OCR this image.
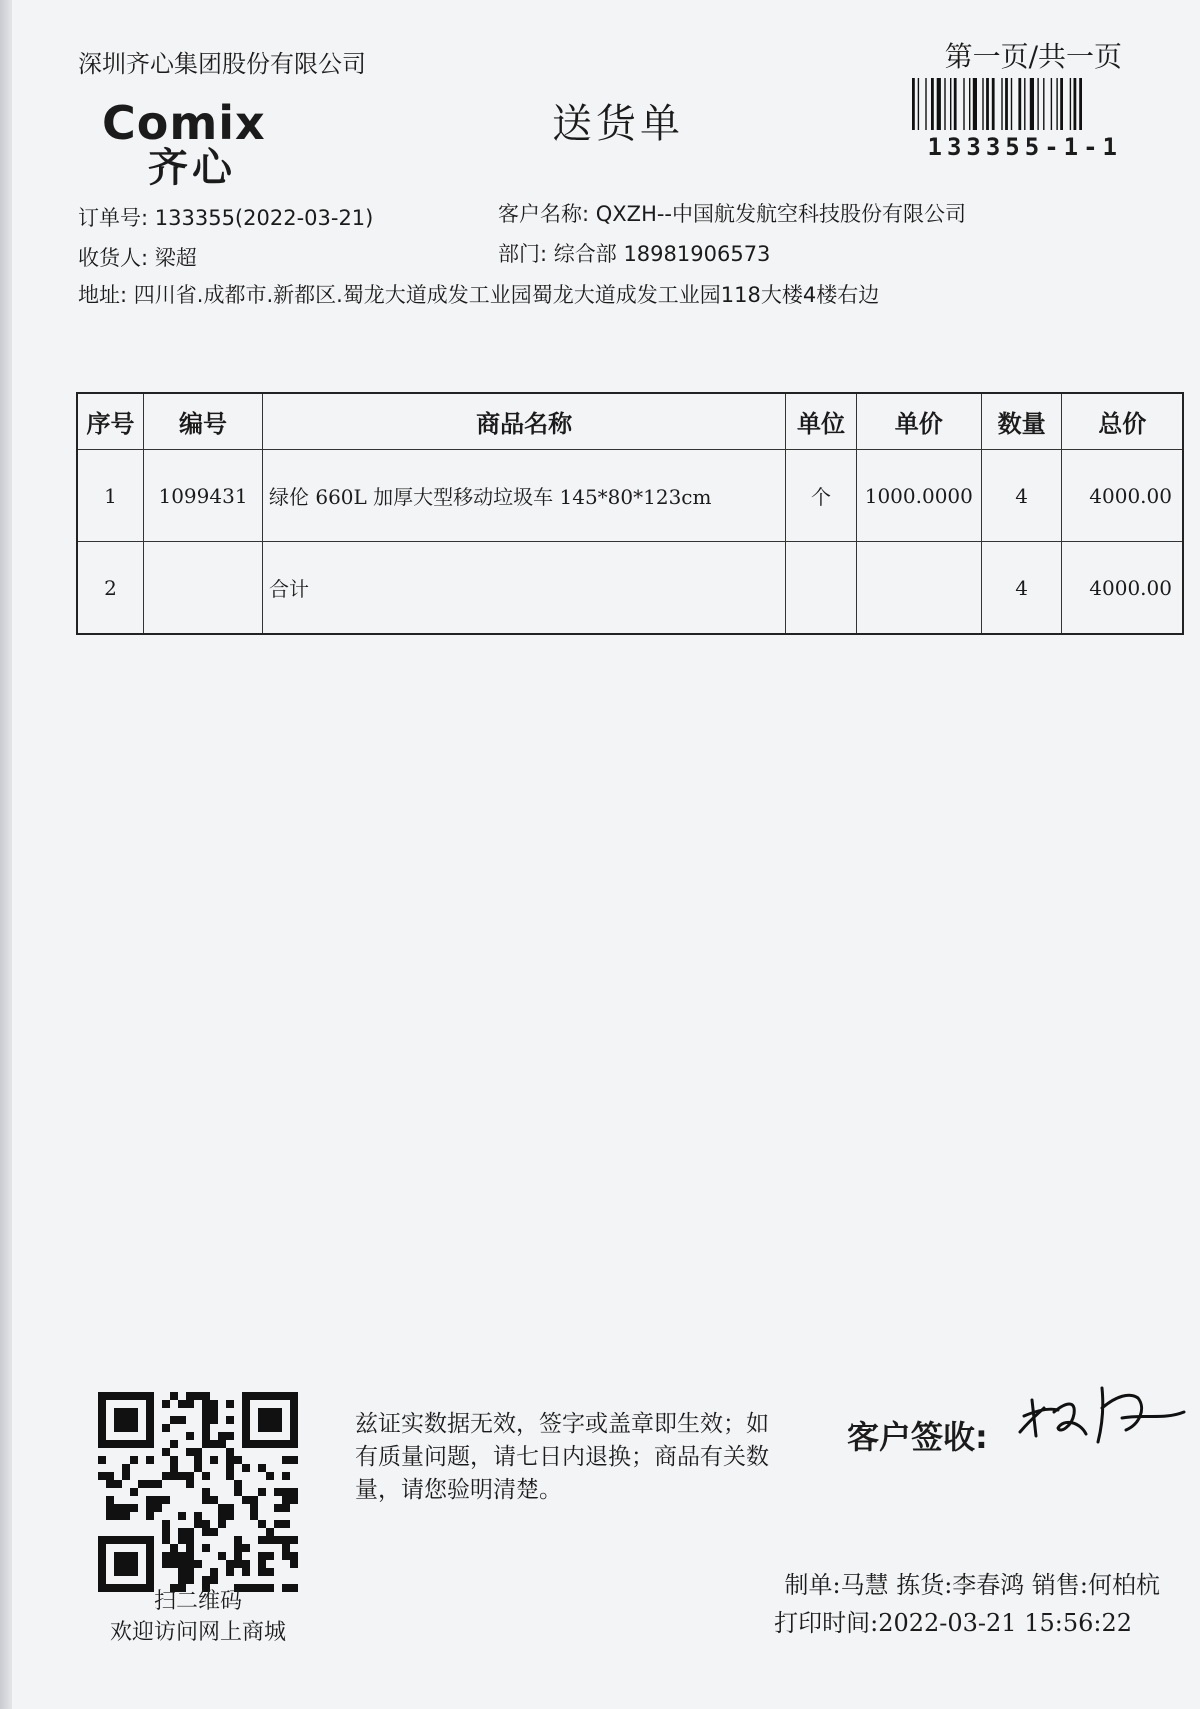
深圳齐心集团股份有限公司	第一页/共一页
133355-1-1
Comix
齐心
送货单
订单号: 133355(2022-03-21)	客户名称: QXZH--中国航发航空科技股份有限公司
收货人: 梁超	部门: 综合部 18981906573
地址: 四川省.成都市.新都区.蜀龙大道成发工业园蜀龙大道成发工业园118大楼4楼右边
序号	编号	商品名称	单位	单价	数量	总价
1	1099431	绿伦 660L 加厚大型移动垃圾车 145*80*123cm	个	1000.0000	4	4000.00
2		合计			4	4000.00
扫二维码
欢迎访问网上商城
兹证实数据无效，签字或盖章即生效；如有质量问题，请七日内退换；商品有关数量，请您验明清楚。
客户签收:
制单:马慧 拣货:李春鸿 销售:何柏杭
打印时间:2022-03-21 15:56:22
